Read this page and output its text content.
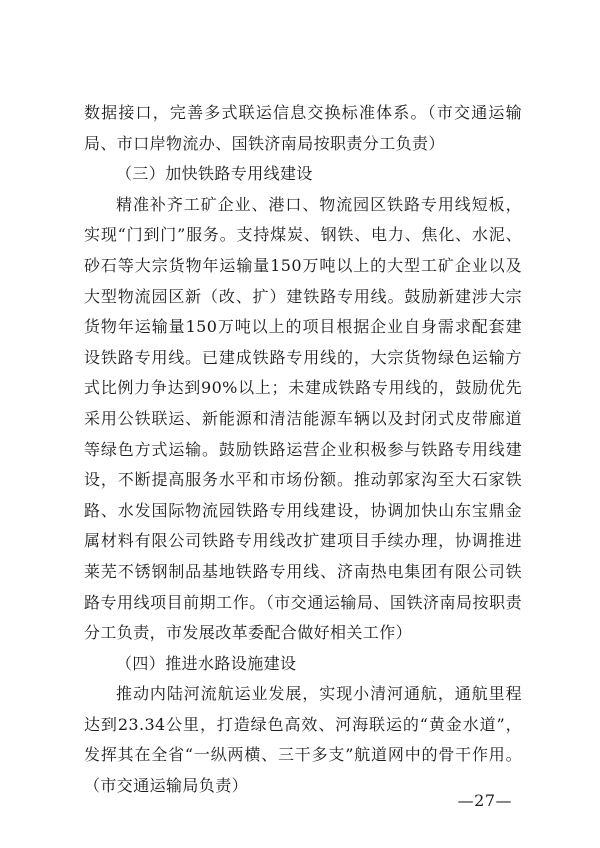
数据接口，完善多式联运信息交换标准体系。（市交通运输局、市口岸物流办、国铁济南局按职责分工负责）

（三）加快铁路专用线建设

精准补齐工矿企业、港口、物流园区铁路专用线短板，实现“门到门”服务。支持煤炭、钢铁、电力、焦化、水泥、砂石等大宗货物年运输量150万吨以上的大型工矿企业以及大型物流园区新（改、扩）建铁路专用线。鼓励新建涉大宗货物年运输量150万吨以上的项目根据企业自身需求配套建设铁路专用线。已建成铁路专用线的，大宗货物绿色运输方式比例力争达到90%以上；未建成铁路专用线的，鼓励优先采用公铁联运、新能源和清洁能源车辆以及封闭式皮带廊道等绿色方式运输。鼓励铁路运营企业积极参与铁路专用线建设，不断提高服务水平和市场份额。推动郭家沟至大石家铁路、水发国际物流园铁路专用线建设，协调加快山东宝鼎金属材料有限公司铁路专用线改扩建项目手续办理，协调推进莱芜不锈钢制品基地铁路专用线、济南热电集团有限公司铁路专用线项目前期工作。（市交通运输局、国铁济南局按职责分工负责，市发展改革委配合做好相关工作）

（四）推进水路设施建设

推动内陆河流航运业发展，实现小清河通航，通航里程达到23.34公里，打造绿色高效、河海联运的“黄金水道”，发挥其在全省“一纵两横、三干多支”航道网中的骨干作用。（市交通运输局负责）

—27—
